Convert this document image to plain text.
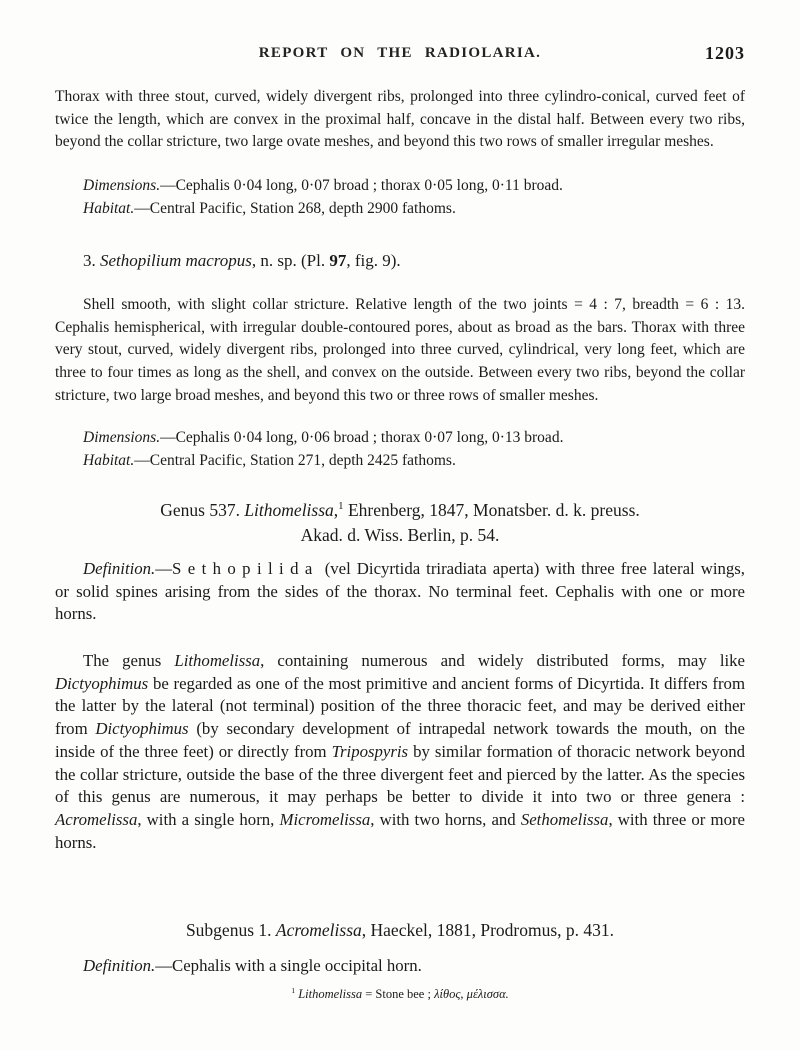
REPORT ON THE RADIOLARIA.	1203

Thorax with three stout, curved, widely divergent ribs, prolonged into three cylindro-conical, curved feet of twice the length, which are convex in the proximal half, concave in the distal half. Between every two ribs, beyond the collar stricture, two large ovate meshes, and beyond this two rows of smaller irregular meshes.

Dimensions.—Cephalis 0·04 long, 0·07 broad ; thorax 0·05 long, 0·11 broad.

Habitat.—Central Pacific, Station 268, depth 2900 fathoms.

3. Sethopilium macropus, n. sp. (Pl. 97, fig. 9).

Shell smooth, with slight collar stricture. Relative length of the two joints = 4 : 7, breadth = 6 : 13. Cephalis hemispherical, with irregular double-contoured pores, about as broad as the bars. Thorax with three very stout, curved, widely divergent ribs, prolonged into three curved, cylindrical, very long feet, which are three to four times as long as the shell, and convex on the outside. Between every two ribs, beyond the collar stricture, two large broad meshes, and beyond this two or three rows of smaller meshes.

Dimensions.—Cephalis 0·04 long, 0·06 broad ; thorax 0·07 long, 0·13 broad.

Habitat.—Central Pacific, Station 271, depth 2425 fathoms.

Genus 537. Lithomelissa,$^1$ Ehrenberg, 1847, Monatsber. d. k. preuss.
Akad. d. Wiss. Berlin, p. 54.

Definition.—Sethopilida (vel Dicyrtida triradiata aperta) with three free lateral wings, or solid spines arising from the sides of the thorax. No terminal feet. Cephalis with one or more horns.

The genus Lithomelissa, containing numerous and widely distributed forms, may like Dictyophimus be regarded as one of the most primitive and ancient forms of Dicyrtida. It differs from the latter by the lateral (not terminal) position of the three thoracic feet, and may be derived either from Dictyophimus (by secondary development of intrapedal network towards the mouth, on the inside of the three feet) or directly from Tripospyris by similar formation of thoracic network beyond the collar stricture, outside the base of the three divergent feet and pierced by the latter. As the species of this genus are numerous, it may perhaps be better to divide it into two or three genera : Acromelissa, with a single horn, Micromelissa, with two horns, and Sethomelissa, with three or more horns.

Subgenus 1. Acromelissa, Haeckel, 1881, Prodromus, p. 431.

Definition.—Cephalis with a single occipital horn.

$^1$ Lithomelissa = Stone bee ; λίθος, μέλισσα.
